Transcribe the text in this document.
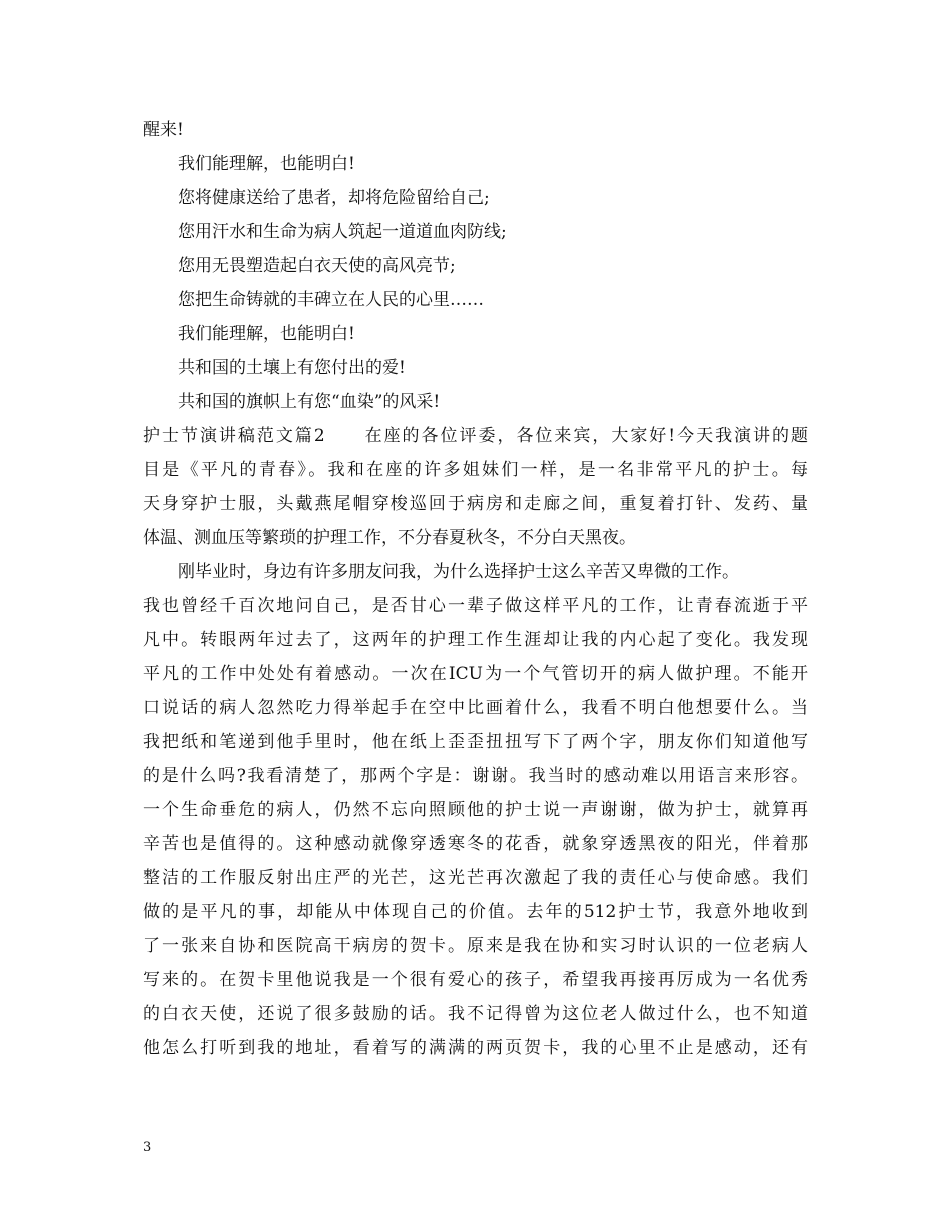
醒来!
我们能理解，也能明白!
您将健康送给了患者，却将危险留给自己;
您用汗水和生命为病人筑起一道道血肉防线;
您用无畏塑造起白衣天使的高风亮节;
您把生命铸就的丰碑立在人民的心里……
我们能理解，也能明白!
共和国的土壤上有您付出的爱!
共和国的旗帜上有您“血染”的风采!
护士节演讲稿范文篇2　　在座的各位评委，各位来宾，大家好!今天我演讲的题
目是《平凡的青春》。我和在座的许多姐妹们一样，是一名非常平凡的护士。每
天身穿护士服，头戴燕尾帽穿梭巡回于病房和走廊之间，重复着打针、发药、量
体温、测血压等繁琐的护理工作，不分春夏秋冬，不分白天黑夜。
刚毕业时，身边有许多朋友问我，为什么选择护士这么辛苦又卑微的工作。
我也曾经千百次地问自己，是否甘心一辈子做这样平凡的工作，让青春流逝于平
凡中。转眼两年过去了，这两年的护理工作生涯却让我的内心起了变化。我发现
平凡的工作中处处有着感动。一次在ICU为一个气管切开的病人做护理。不能开
口说话的病人忽然吃力得举起手在空中比画着什么，我看不明白他想要什么。当
我把纸和笔递到他手里时，他在纸上歪歪扭扭写下了两个字，朋友你们知道他写
的是什么吗?我看清楚了，那两个字是：谢谢。我当时的感动难以用语言来形容。
一个生命垂危的病人，仍然不忘向照顾他的护士说一声谢谢，做为护士，就算再
辛苦也是值得的。这种感动就像穿透寒冬的花香，就象穿透黑夜的阳光，伴着那
整洁的工作服反射出庄严的光芒，这光芒再次激起了我的责任心与使命感。我们
做的是平凡的事，却能从中体现自己的价值。去年的512护士节，我意外地收到
了一张来自协和医院高干病房的贺卡。原来是我在协和实习时认识的一位老病人
写来的。在贺卡里他说我是一个很有爱心的孩子，希望我再接再厉成为一名优秀
的白衣天使，还说了很多鼓励的话。我不记得曾为这位老人做过什么，也不知道
他怎么打听到我的地址，看着写的满满的两页贺卡，我的心里不止是感动，还有
3
